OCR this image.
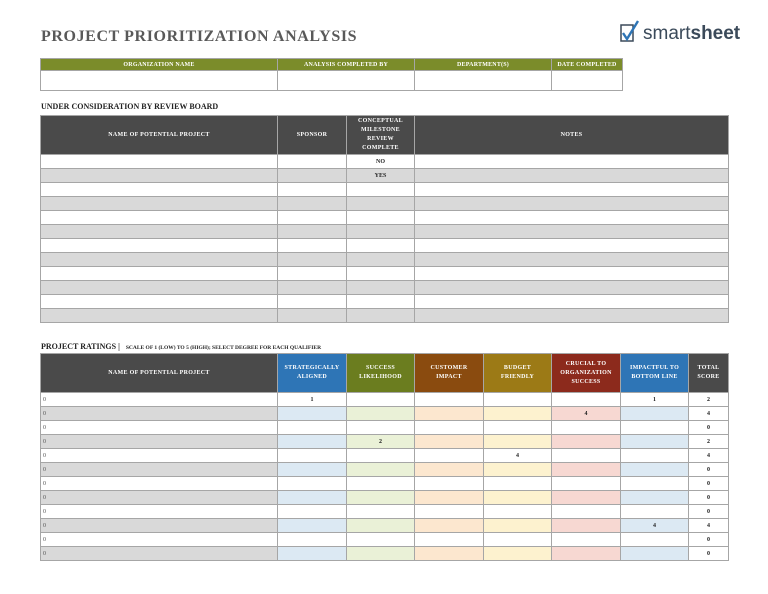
PROJECT PRIORITIZATION ANALYSIS	smartsheet
ORGANIZATION NAME	ANALYSIS COMPLETED BY	DEPARTMENT(S)	DATE COMPLETED

UNDER CONSIDERATION BY REVIEW BOARD
NAME OF POTENTIAL PROJECT	SPONSOR	CONCEPTUAL MILESTONE REVIEW COMPLETE	NOTES
		NO	
		YES	

PROJECT RATINGS | SCALE OF 1 (LOW) TO 5 (HIGH); SELECT DEGREE FOR EACH QUALIFIER
NAME OF POTENTIAL PROJECT	STRATEGICALLY ALIGNED	SUCCESS LIKELIHOOD	CUSTOMER IMPACT	BUDGET FRIENDLY	CRUCIAL TO ORGANIZATION SUCCESS	IMPACTFUL TO BOTTOM LINE	TOTAL SCORE
0	1					1	2
0					4		4
0							0
0		2					2
0				4			4
0							0
0							0
0							0
0							0
0						4	4
0							0
0							0
